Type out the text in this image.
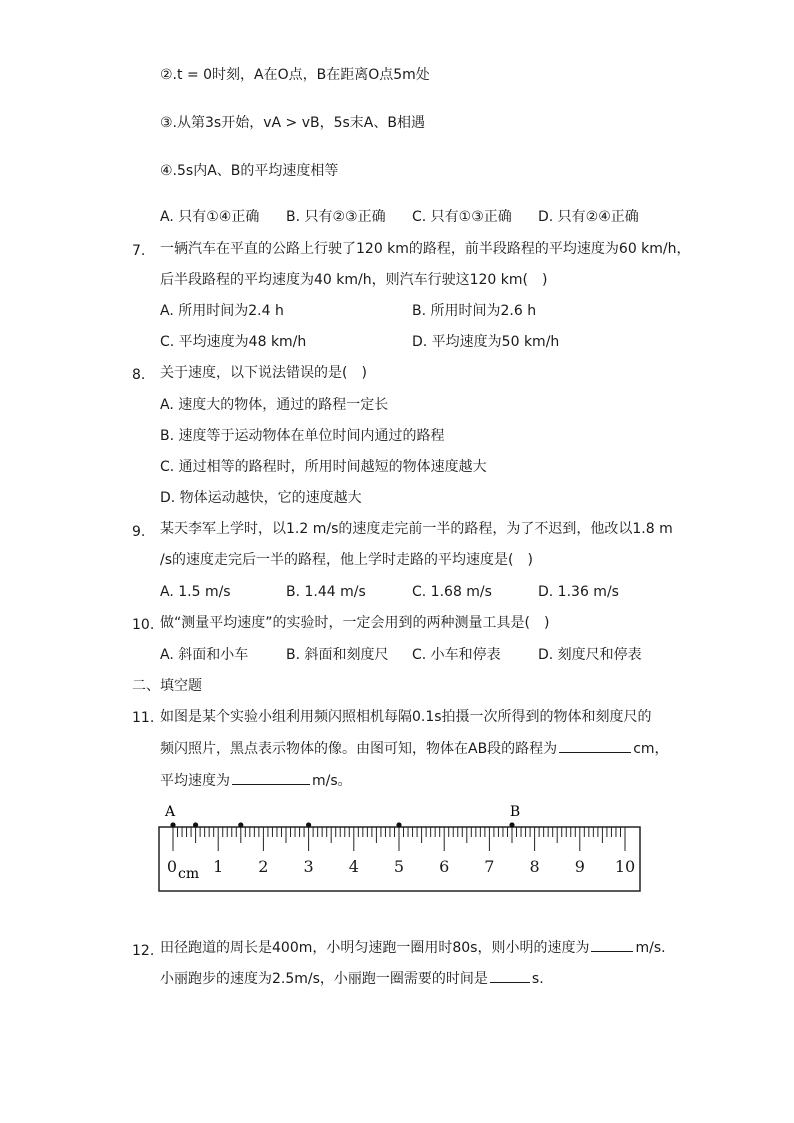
②.t = 0时刻，A在O点，B在距离O点5m处
③.从第3s开始，vA > vB，5s末A、B相遇
④.5s内A、B的平均速度相等
A. 只有①④正确 B. 只有②③正确 C. 只有①③正确 D. 只有②④正确
7. 一辆汽车在平直的公路上行驶了120 km的路程，前半段路程的平均速度为60 km/h，
后半段路程的平均速度为40 km/h，则汽车行驶这120 km(　)
A. 所用时间为2.4 h	B. 所用时间为2.6 h
C. 平均速度为48 km/h	D. 平均速度为50 km/h
8. 关于速度，以下说法错误的是(　)
A. 速度大的物体，通过的路程一定长
B. 速度等于运动物体在单位时间内通过的路程
C. 通过相等的路程时，所用时间越短的物体速度越大
D. 物体运动越快，它的速度越大
9. 某天李军上学时，以1.2 m/s的速度走完前一半的路程，为了不迟到，他改以1.8 m
/s的速度走完后一半的路程，他上学时走路的平均速度是(　)
A. 1.5 m/s	B. 1.44 m/s	C. 1.68 m/s	D. 1.36 m/s
10. 做“测量平均速度”的实验时，一定会用到的两种测量工具是(　)
A. 斜面和小车	B. 斜面和刻度尺 C. 小车和停表	D. 刻度尺和停表
二、填空题
11. 如图是某个实验小组利用频闪照相机每隔0.1s拍摄一次所得到的物体和刻度尺的
频闪照片，黑点表示物体的像。由图可知，物体在AB段的路程为	cm，
平均速度为	m/s。
0 1 2 3 4 5 6 7 8 9 10
A	B
cm
12. 田径跑道的周长是400m，小明匀速跑一圈用时80s，则小明的速度为	m/s.
小丽跑步的速度为2.5m/s，小丽跑一圈需要的时间是	s.
